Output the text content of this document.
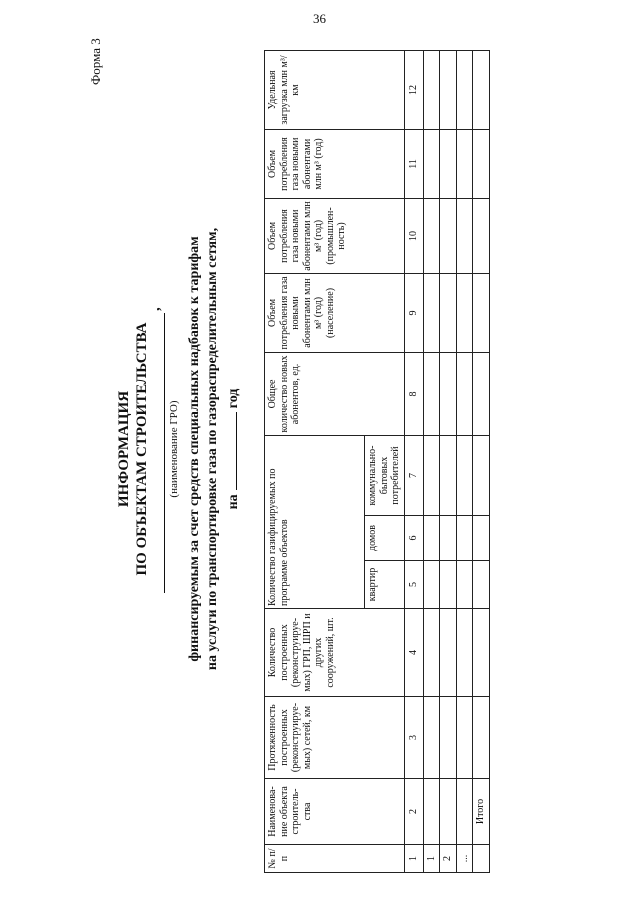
36
Форма 3
ИНФОРМАЦИЯ ПО ОБЪЕКТАМ СТРОИТЕЛЬСТВА
,
(наименование ГРО) финансируемым за счет средств специальных надбавок к тарифам на услуги по транспортировке газа по газораспределительным сетям, нагод
№ п/п	Наименова-ние объекта строитель-ства	Протяженность построенных (реконструируе-мых) сетей, км	Количество построенных (реконструируе-мых) ГРП, ШРП и других сооружений, шт.	Количество газифицируемых по программе объектов			Общее количество новых абонентов, ед.	Объем потребления газа новыми абонентами млн м³ (год) (население)	Объем потребления газа новыми абонентами млн м³ (год) (промышлен-ность)	Объем потребления газа новыми абонентами млн м³ (год)	Удельная загрузка млн м³/км
				квартир	домов	коммунально-бытовых потребителей					
1	2	3	4	5	6	7	8	9	10	11	12
1											
2											
...											
	Итого										
